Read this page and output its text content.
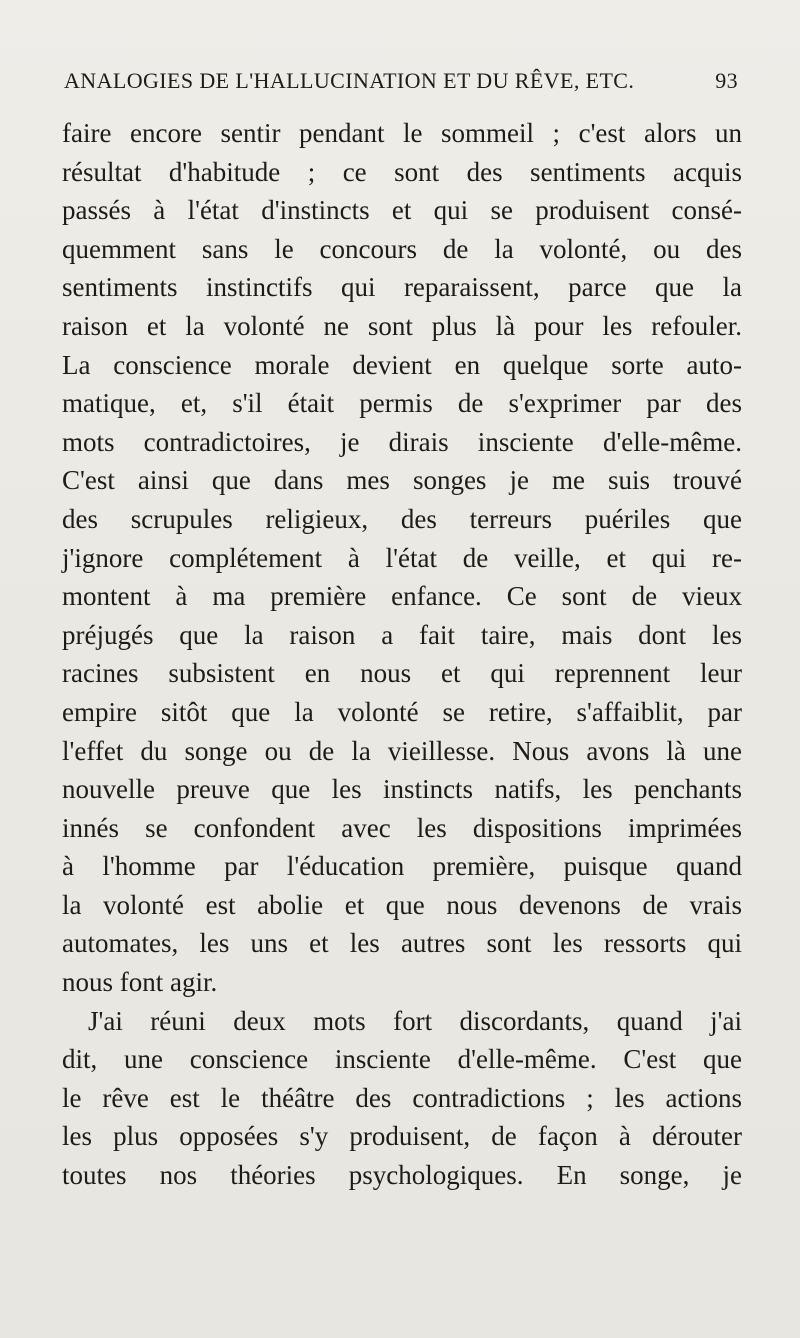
ANALOGIES DE L'HALLUCINATION ET DU RÊVE, ETC.	93
faire encore sentir pendant le sommeil ; c'est alors un
résultat d'habitude ; ce sont des sentiments acquis
passés à l'état d'instincts et qui se produisent consé-
quemment sans le concours de la volonté, ou des
sentiments instinctifs qui reparaissent, parce que la
raison et la volonté ne sont plus là pour les refouler.
La conscience morale devient en quelque sorte auto-
matique, et, s'il était permis de s'exprimer par des
mots contradictoires, je dirais insciente d'elle-même.
C'est ainsi que dans mes songes je me suis trouvé
des scrupules religieux, des terreurs puériles que
j'ignore complétement à l'état de veille, et qui re-
montent à ma première enfance. Ce sont de vieux
préjugés que la raison a fait taire, mais dont les
racines subsistent en nous et qui reprennent leur
empire sitôt que la volonté se retire, s'affaiblit, par
l'effet du songe ou de la vieillesse. Nous avons là une
nouvelle preuve que les instincts natifs, les penchants
innés se confondent avec les dispositions imprimées
à l'homme par l'éducation première, puisque quand
la volonté est abolie et que nous devenons de vrais
automates, les uns et les autres sont les ressorts qui
nous font agir.
J'ai réuni deux mots fort discordants, quand j'ai
dit, une conscience insciente d'elle-même. C'est que
le rêve est le théâtre des contradictions ; les actions
les plus opposées s'y produisent, de façon à dérouter
toutes nos théories psychologiques. En songe, je
